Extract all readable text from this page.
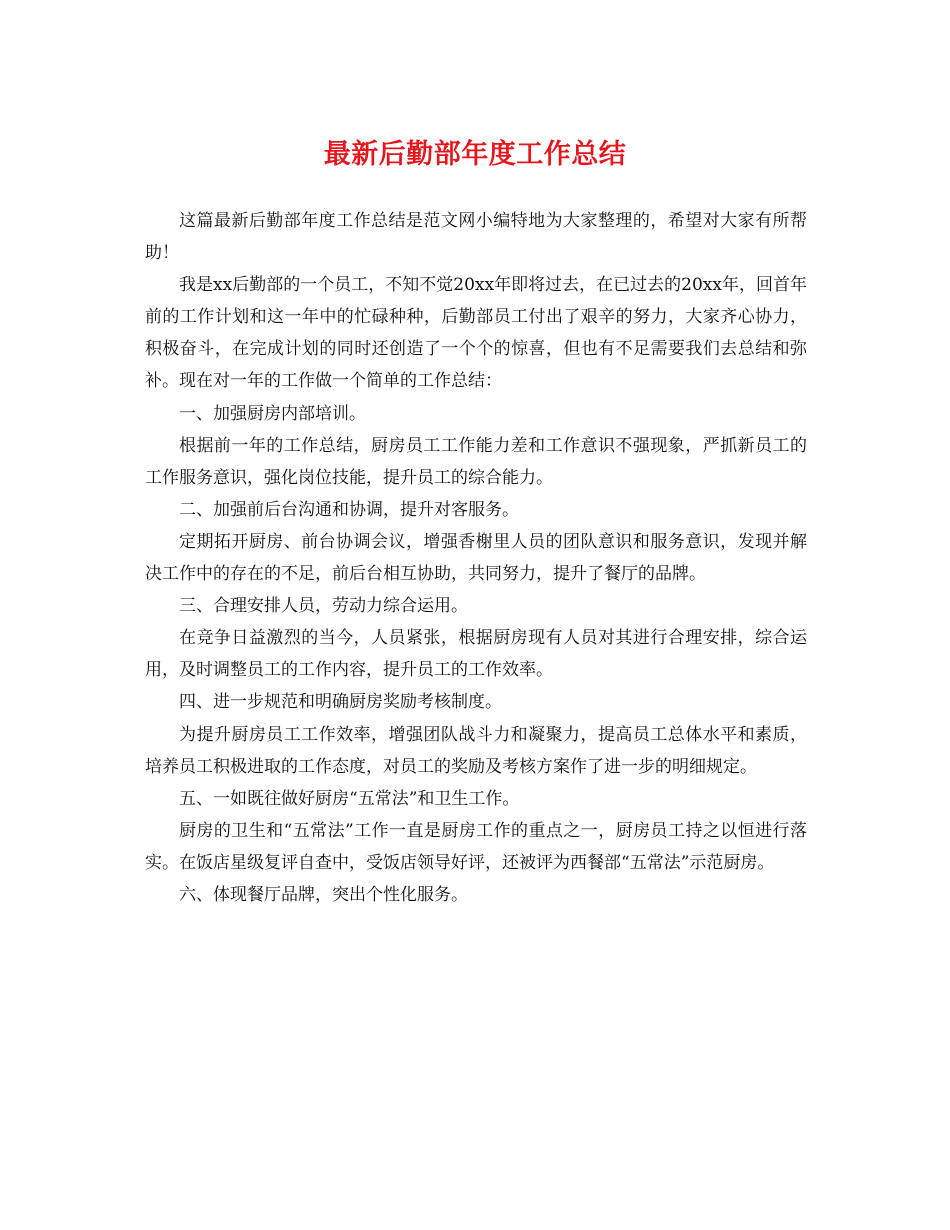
最新后勤部年度工作总结

这篇最新后勤部年度工作总结是范文网小编特地为大家整理的，希望对大家有所帮助！

我是xx后勤部的一个员工，不知不觉20xx年即将过去，在已过去的20xx年，回首年前的工作计划和这一年中的忙碌种种，后勤部员工付出了艰辛的努力，大家齐心协力，积极奋斗，在完成计划的同时还创造了一个个的惊喜，但也有不足需要我们去总结和弥补。现在对一年的工作做一个简单的工作总结：

一、加强厨房内部培训。

根据前一年的工作总结，厨房员工工作能力差和工作意识不强现象，严抓新员工的工作服务意识，强化岗位技能，提升员工的综合能力。

二、加强前后台沟通和协调，提升对客服务。

定期拓开厨房、前台协调会议，增强香榭里人员的团队意识和服务意识，发现并解决工作中的存在的不足，前后台相互协助，共同努力，提升了餐厅的品牌。

三、合理安排人员，劳动力综合运用。

在竞争日益激烈的当今，人员紧张，根据厨房现有人员对其进行合理安排，综合运用，及时调整员工的工作内容，提升员工的工作效率。

四、进一步规范和明确厨房奖励考核制度。

为提升厨房员工工作效率，增强团队战斗力和凝聚力，提高员工总体水平和素质，培养员工积极进取的工作态度，对员工的奖励及考核方案作了进一步的明细规定。

五、一如既往做好厨房“五常法”和卫生工作。

厨房的卫生和“五常法”工作一直是厨房工作的重点之一，厨房员工持之以恒进行落实。在饭店星级复评自查中，受饭店领导好评，还被评为西餐部“五常法”示范厨房。

六、体现餐厅品牌，突出个性化服务。
